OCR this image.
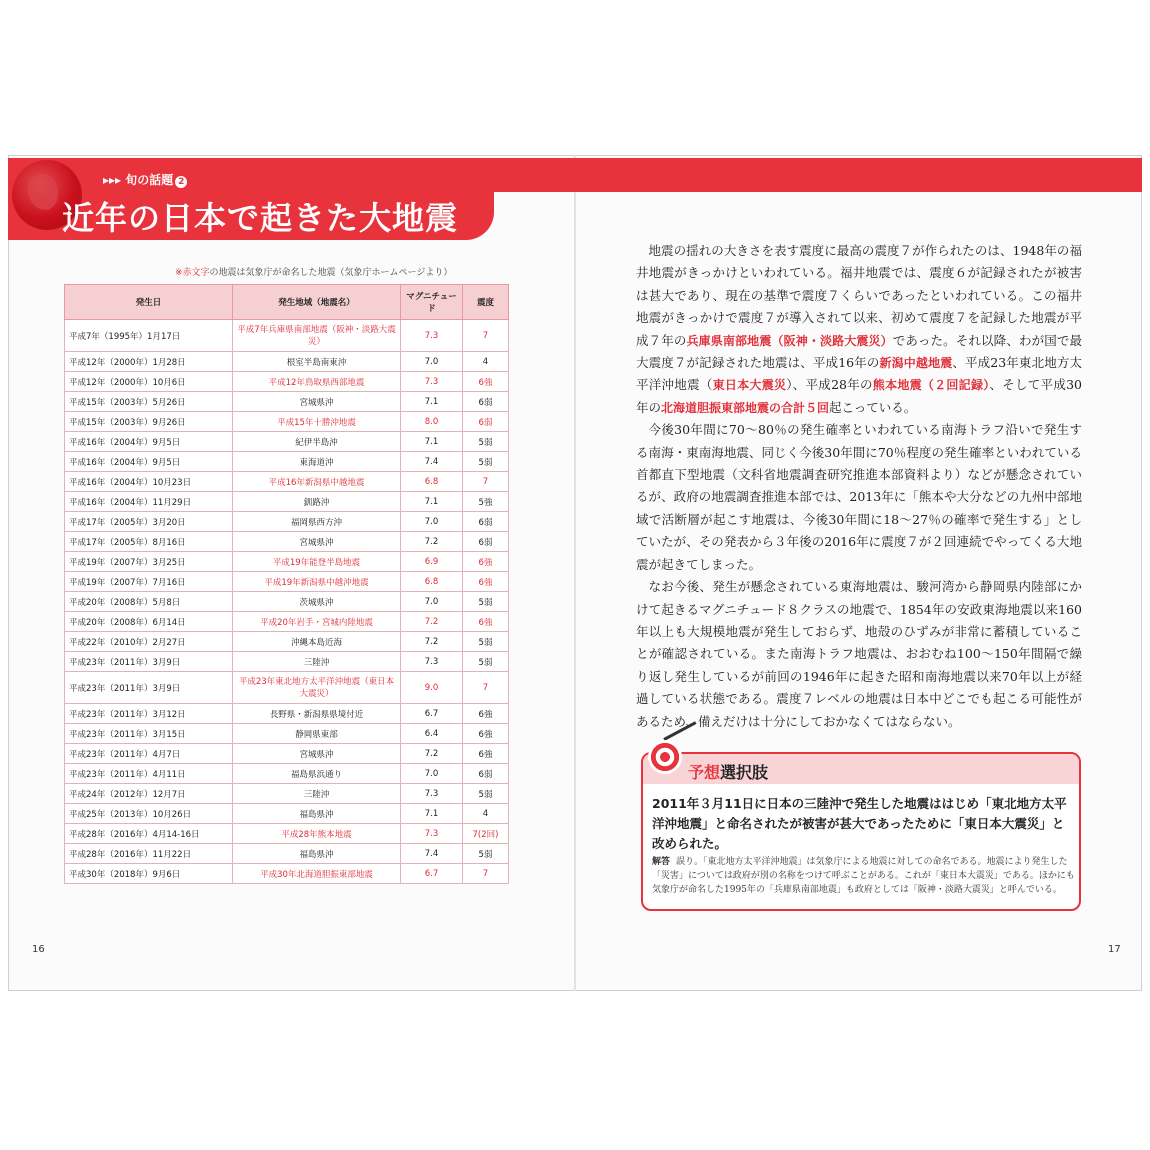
▸▸▸ 旬の話題 2
近年の日本で起きた大地震
※赤文字の地震は気象庁が命名した地震（気象庁ホームページより）
発生日	発生地域（地震名）	マグニチュード	震度
平成7年（1995年）1月17日	平成7年兵庫県南部地震（阪神・淡路大震災）	7.3	7
平成12年（2000年）1月28日	根室半島南東沖	7.0	4
平成12年（2000年）10月6日	平成12年鳥取県西部地震	7.3	6強
平成15年（2003年）5月26日	宮城県沖	7.1	6弱
平成15年（2003年）9月26日	平成15年十勝沖地震	8.0	6弱
平成16年（2004年）9月5日	紀伊半島沖	7.1	5弱
平成16年（2004年）9月5日	東海道沖	7.4	5弱
平成16年（2004年）10月23日	平成16年新潟県中越地震	6.8	7
平成16年（2004年）11月29日	釧路沖	7.1	5強
平成17年（2005年）3月20日	福岡県西方沖	7.0	6弱
平成17年（2005年）8月16日	宮城県沖	7.2	6弱
平成19年（2007年）3月25日	平成19年能登半島地震	6.9	6強
平成19年（2007年）7月16日	平成19年新潟県中越沖地震	6.8	6強
平成20年（2008年）5月8日	茨城県沖	7.0	5弱
平成20年（2008年）6月14日	平成20年岩手・宮城内陸地震	7.2	6強
平成22年（2010年）2月27日	沖縄本島近海	7.2	5弱
平成23年（2011年）3月9日	三陸沖	7.3	5弱
平成23年（2011年）3月9日	平成23年東北地方太平洋沖地震（東日本大震災）	9.0	7
平成23年（2011年）3月12日	長野県・新潟県県境付近	6.7	6強
平成23年（2011年）3月15日	静岡県東部	6.4	6強
平成23年（2011年）4月7日	宮城県沖	7.2	6強
平成23年（2011年）4月11日	福島県浜通り	7.0	6弱
平成24年（2012年）12月7日	三陸沖	7.3	5弱
平成25年（2013年）10月26日	福島県沖	7.1	4
平成28年（2016年）4月14-16日	平成28年熊本地震	7.3	7(2回)
平成28年（2016年）11月22日	福島県沖	7.4	5弱
平成30年（2018年）9月6日	平成30年北海道胆振東部地震	6.7	7
16	17

地震の揺れの大きさを表す震度に最高の震度７が作られたのは、1948年の福井地震がきっかけといわれている。福井地震では、震度６が記録されたが被害は甚大であり、現在の基準で震度７くらいであったといわれている。この福井地震がきっかけで震度７が導入されて以来、初めて震度７を記録した地震が平成７年の兵庫県南部地震（阪神・淡路大震災）であった。それ以降、わが国で最大震度７が記録された地震は、平成16年の新潟中越地震、平成23年東北地方太平洋沖地震（東日本大震災）、平成28年の熊本地震（２回記録）、そして平成30年の北海道胆振東部地震の合計５回起こっている。

今後30年間に70～80％の発生確率といわれている南海トラフ沿いで発生する南海・東南海地震、同じく今後30年間に70％程度の発生確率といわれている首都直下型地震（文科省地震調査研究推進本部資料より）などが懸念されているが、政府の地震調査推進本部では、2013年に「熊本や大分などの九州中部地域で活断層が起こす地震は、今後30年間に18～27％の確率で発生する」としていたが、その発表から３年後の2016年に震度７が２回連続でやってくる大地震が起きてしまった。

なお今後、発生が懸念されている東海地震は、駿河湾から静岡県内陸部にかけて起きるマグニチュード８クラスの地震で、1854年の安政東海地震以来160年以上も大規模地震が発生しておらず、地殻のひずみが非常に蓄積していることが確認されている。また南海トラフ地震は、おおむね100～150年間隔で繰り返し発生しているが前回の1946年に起きた昭和南海地震以来70年以上が経過している状態である。震度７レベルの地震は日本中どこでも起こる可能性があるため、備えだけは十分にしておかなくてはならない。

予想選択肢
2011年３月11日に日本の三陸沖で発生した地震ははじめ「東北地方太平洋沖地震」と命名されたが被害が甚大であったために「東日本大震災」と改められた。
解答 誤り。「東北地方太平洋沖地震」は気象庁による地震に対しての命名である。地震により発生した「災害」については政府が別の名称をつけて呼ぶことがある。これが「東日本大震災」である。ほかにも気象庁が命名した1995年の「兵庫県南部地震」も政府としては「阪神・淡路大震災」と呼んでいる。
